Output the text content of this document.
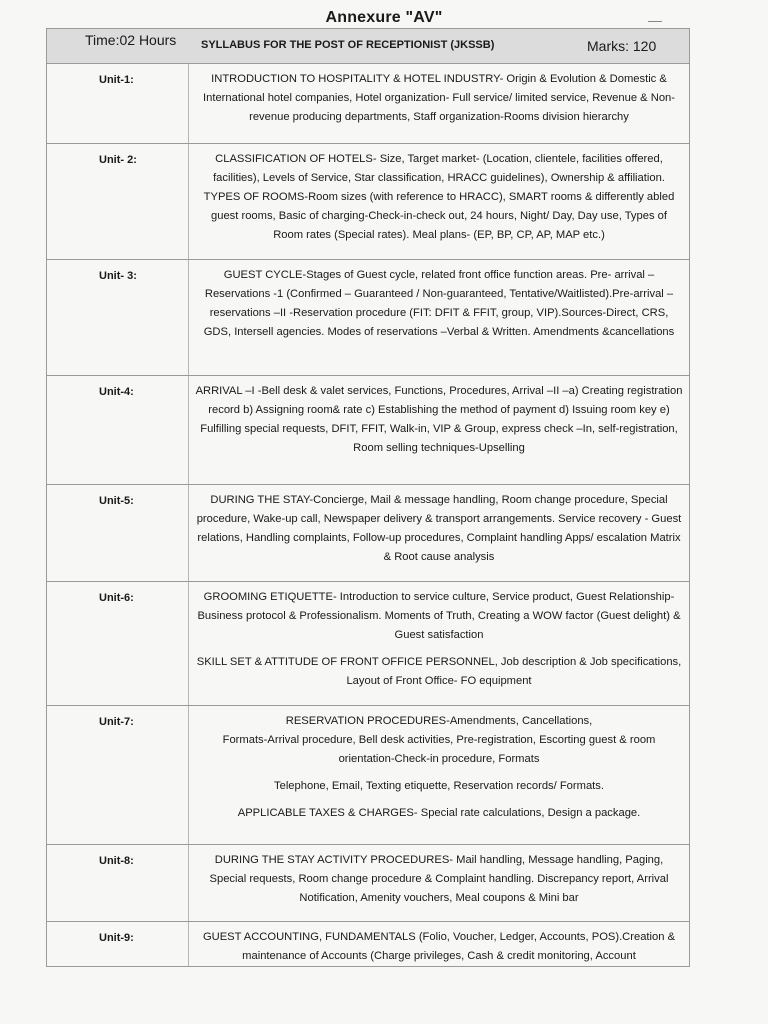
Annexure "AV"
Time:02 Hours SYLLABUS FOR THE POST OF RECEPTIONIST (JKSSB)	Marks: 120
Unit-1:	INTRODUCTION TO HOSPITALITY & HOTEL INDUSTRY- Origin & Evolution & Domestic & International hotel companies, Hotel organization- Full service/ limited service, Revenue & Non-revenue producing departments, Staff organization-Rooms division hierarchy

Unit- 2:	CLASSIFICATION OF HOTELS- Size, Target market- (Location, clientele, facilities offered, facilities), Levels of Service, Star classification, HRACC guidelines), Ownership & affiliation. TYPES OF ROOMS-Room sizes (with reference to HRACC), SMART rooms & differently abled guest rooms, Basic of charging-Check-in-check out, 24 hours, Night/ Day, Day use, Types of Room rates (Special rates). Meal plans- (EP, BP, CP, AP, MAP etc.)

Unit- 3:	GUEST CYCLE-Stages of Guest cycle, related front office function areas. Pre- arrival – Reservations -1 (Confirmed – Guaranteed / Non-guaranteed, Tentative/Waitlisted).Pre-arrival – reservations –II -Reservation procedure (FIT: DFIT & FFIT, group, VIP).Sources-Direct, CRS, GDS, Intersell agencies. Modes of reservations –Verbal & Written. Amendments &cancellations

Unit-4:	ARRIVAL –I -Bell desk & valet services, Functions, Procedures, Arrival –II –a) Creating registration record b) Assigning room& rate c) Establishing the method of payment d) Issuing room key e) Fulfilling special requests, DFIT, FFIT, Walk-in, VIP & Group, express check –In, self-registration, Room selling techniques-Upselling

Unit-5:	DURING THE STAY-Concierge, Mail & message handling, Room change procedure, Special procedure, Wake-up call, Newspaper delivery & transport arrangements. Service recovery - Guest relations, Handling complaints, Follow-up procedures, Complaint handling Apps/ escalation Matrix & Root cause analysis

Unit-6:	GROOMING ETIQUETTE- Introduction to service culture, Service product, Guest Relationship-Business protocol & Professionalism. Moments of Truth, Creating a WOW factor (Guest delight) & Guest satisfaction

SKILL SET & ATTITUDE OF FRONT OFFICE PERSONNEL, Job description & Job specifications, Layout of Front Office- FO equipment

Unit-7:	RESERVATION PROCEDURES-Amendments, Cancellations,

Formats-Arrival procedure, Bell desk activities, Pre-registration, Escorting guest & room orientation-Check-in procedure, Formats

Telephone, Email, Texting etiquette, Reservation records/ Formats.

APPLICABLE TAXES & CHARGES- Special rate calculations, Design a package.

Unit-8:	DURING THE STAY ACTIVITY PROCEDURES- Mail handling, Message handling, Paging, Special requests, Room change procedure & Complaint handling. Discrepancy report, Arrival Notification, Amenity vouchers, Meal coupons & Mini bar

Unit-9:	GUEST ACCOUNTING, FUNDAMENTALS (Folio, Voucher, Ledger, Accounts, POS).Creation & maintenance of Accounts (Charge privileges, Cash & credit monitoring, Account
